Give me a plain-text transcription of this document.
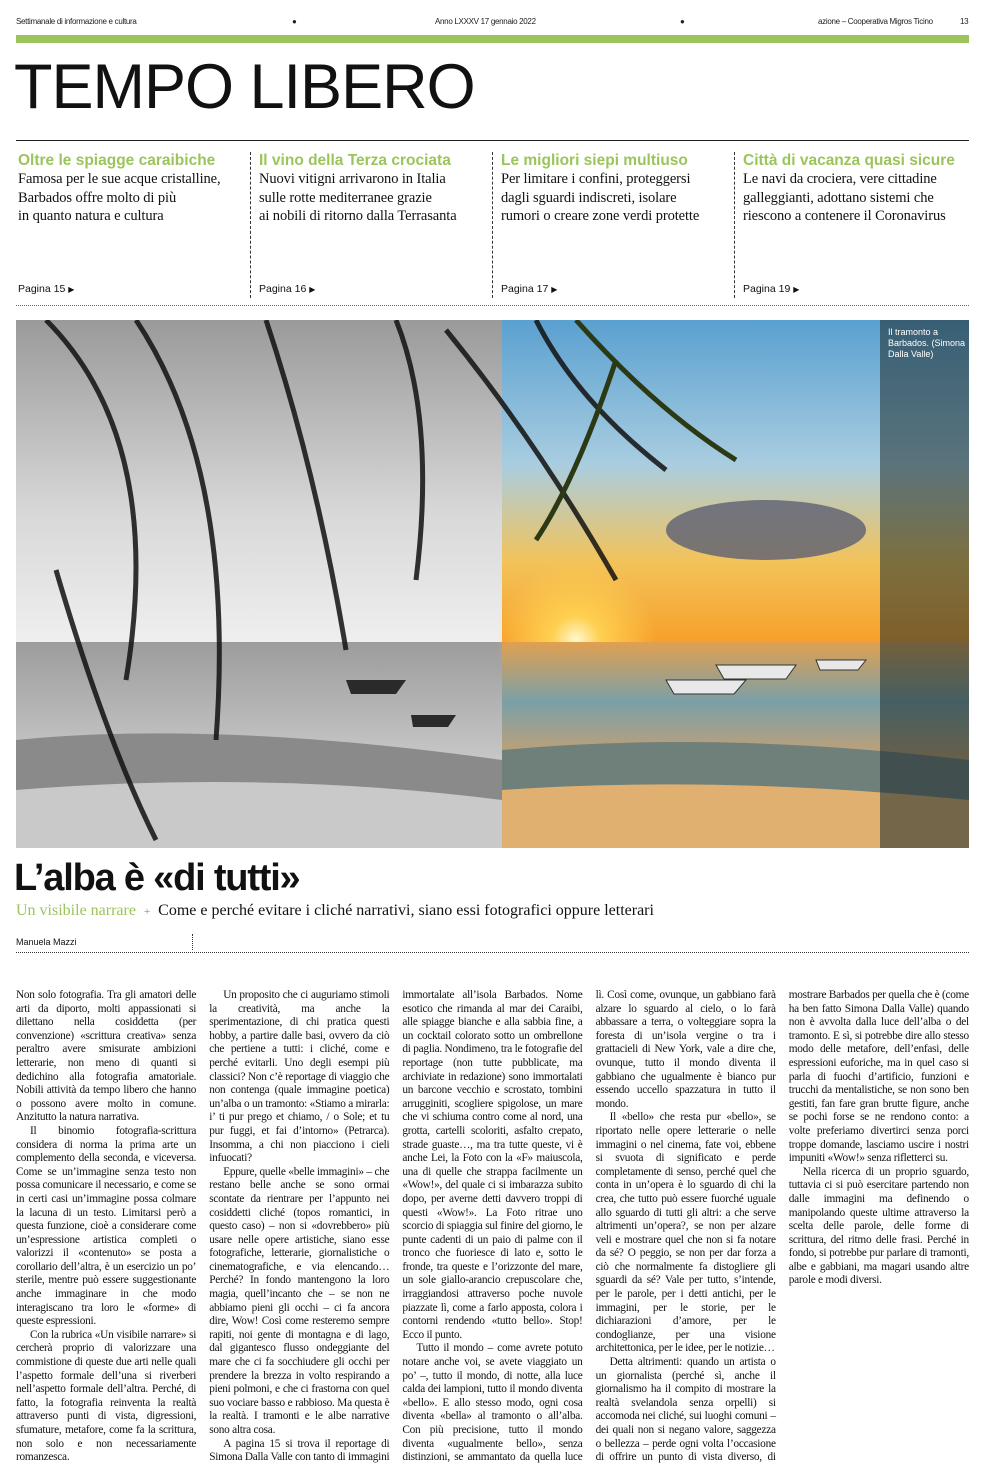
Settimanale di informazione e cultura	●	Anno LXXXV 17 gennaio 2022	●	azione – Cooperativa Migros Ticino	13
TEMPO LIBERO
Oltre le spiagge caraibiche
Famosa per le sue acque cristalline,
Barbados offre molto di più
in quanto natura e cultura
Pagina 15 ▶
Il vino della Terza crociata
Nuovi vitigni arrivarono in Italia
sulle rotte mediterranee grazie
ai nobili di ritorno dalla Terrasanta
Pagina 16 ▶
Le migliori siepi multiuso
Per limitare i confini, proteggersi
dagli sguardi indiscreti, isolare
rumori o creare zone verdi protette
Pagina 17 ▶
Città di vacanza quasi sicure
Le navi da crociera, vere cittadine
galleggianti, adottano sistemi che
riescono a contenere il Coronavirus
Pagina 19 ▶
Il tramonto a Barbados. (Simona Dalla Valle)
L’alba è «di tutti»
Un visibile narrare + Come e perché evitare i cliché narrativi, siano essi fotografici oppure letterari
Manuela Mazzi

Non solo fotografia. Tra gli amatori delle arti da diporto, molti appassionati si dilettano nella cosiddetta (per convenzione) «scrittura creativa» senza peraltro avere smisurate ambizioni letterarie, non meno di quanti si dedichino alla fotografia amatoriale. Nobili attività da tempo libero che hanno o possono avere molto in comune. Anzitutto la natura narrativa.

Il binomio fotografia-scrittura considera di norma la prima arte un complemento della seconda, e viceversa. Come se un’immagine senza testo non possa comunicare il necessario, e come se in certi casi un’immagine possa colmare la lacuna di un testo. Limitarsi però a questa funzione, cioè a considerare come un’espressione artistica completi o valorizzi il «contenuto» se posta a corollario dell’altra, è un esercizio un po’ sterile, mentre può essere suggestionante anche immaginare in che modo interagiscano tra loro le «forme» di queste espressioni.

Con la rubrica «Un visibile narrare» si cercherà proprio di valorizzare una commistione di queste due arti nelle quali l’aspetto formale dell’una si riverberi nell’aspetto formale dell’altra. Perché, di fatto, la fotografia reinventa la realtà attraverso punti di vista, digressioni, sfumature, metafore, come fa la scrittura, non solo e non necessariamente romanzesca.

Un proposito che ci auguriamo stimoli la creatività, ma anche la sperimentazione, di chi pratica questi hobby, a partire dalle basi, ovvero da ciò che pertiene a tutti: i cliché, come e perché evitarli. Uno degli esempi più classici? Non c’è reportage di viaggio che non contenga (quale immagine poetica) un’alba o un tramonto: «Stiamo a mirarla: i’ ti pur prego et chiamo, / o Sole; et tu pur fuggi, et fai d’intorno» (Petrarca). Insomma, a chi non piacciono i cieli infuocati?

Eppure, quelle «belle immagini» – che restano belle anche se sono ormai scontate da rientrare per l’appunto nei cosiddetti cliché (topos romantici, in questo caso) – non si «dovrebbero» più usare nelle opere artistiche, siano esse fotografiche, letterarie, giornalistiche o cinematografiche, e via elencando… Perché? In fondo mantengono la loro magia, quell’incanto che – se non ne abbiamo pieni gli occhi – ci fa ancora dire, Wow! Così come resteremo sempre rapiti, noi gente di montagna e di lago, dal gigantesco flusso ondeggiante del mare che ci fa socchiudere gli occhi per prendere la brezza in volto respirando a pieni polmoni, e che ci frastorna con quel suo vociare basso e rabbioso. Ma questa è la realtà. I tramonti e le albe narrative sono altra cosa.

A pagina 15 si trova il reportage di Simona Dalla Valle con tanto di immagini immortalate all’isola Barbados. Nome esotico che rimanda al mar dei Caraibi, alle spiagge bianche e alla sabbia fine, a un cocktail colorato sotto un ombrellone di paglia. Nondimeno, tra le fotografie del reportage (non tutte pubblicate, ma archiviate in redazione) sono immortalati un barcone vecchio e scrostato, tombini arrugginiti, scogliere spigolose, un mare che vi schiuma contro come al nord, una grotta, cartelli scoloriti, asfalto crepato, strade guaste…, ma tra tutte queste, vi è anche Lei, la Foto con la «F» maiuscola, una di quelle che strappa facilmente un «Wow!», del quale ci si imbarazza subito dopo, per averne detti davvero troppi di questi «Wow!». La Foto ritrae uno scorcio di spiaggia sul finire del giorno, le punte cadenti di un paio di palme con il tronco che fuoriesce di lato e, sotto le fronde, tra queste e l’orizzonte del mare, un sole giallo-arancio crepuscolare che, irraggiandosi attraverso poche nuvole piazzate lì, come a farlo apposta, colora i contorni rendendo «tutto bello». Stop! Ecco il punto.

Tutto il mondo – come avrete potuto notare anche voi, se avete viaggiato un po’ –, tutto il mondo, di notte, alla luce calda dei lampioni, tutto il mondo diventa «bello». E allo stesso modo, ogni cosa diventa «bella» al tramonto o all’alba. Con più precisione, tutto il mondo diventa «ugualmente bello», senza distinzioni, se ammantato da quella luce lì. Così come, ovunque, un gabbiano farà alzare lo sguardo al cielo, o lo farà abbassare a terra, o volteggiare sopra la foresta di un’isola vergine o tra i grattacieli di New York, vale a dire che, ovunque, tutto il mondo diventa il gabbiano che ugualmente è bianco pur essendo uccello spazzatura in tutto il mondo.

Il «bello» che resta pur «bello», se riportato nelle opere letterarie o nelle immagini o nel cinema, fate voi, ebbene si svuota di significato e perde completamente di senso, perché quel che conta in un’opera è lo sguardo di chi la crea, che tutto può essere fuorché uguale allo sguardo di tutti gli altri: a che serve altrimenti un’opera?, se non per alzare veli e mostrare quel che non si fa notare da sé? O peggio, se non per dar forza a ciò che normalmente fa distogliere gli sguardi da sé? Vale per tutto, s’intende, per le parole, per i detti antichi, per le immagini, per le storie, per le dichiarazioni d’amore, per le condoglianze, per una visione architettonica, per le idee, per le notizie…

Detta altrimenti: quando un artista o un giornalista (perché sì, anche il giornalismo ha il compito di mostrare la realtà svelandola senza orpelli) si accomoda nei cliché, sui luoghi comuni – dei quali non si negano valore, saggezza o bellezza – perde ogni volta l’occasione di offrire un punto di vista diverso, di mostrare Barbados per quella che è (come ha ben fatto Simona Dalla Valle) quando non è avvolta dalla luce dell’alba o del tramonto. E sì, si potrebbe dire allo stesso modo delle metafore, dell’enfasi, delle espressioni euforiche, ma in quel caso si parla di fuochi d’artificio, funzioni e trucchi da mentalistiche, se non sono ben gestiti, fan fare gran brutte figure, anche se pochi forse se ne rendono conto: a volte preferiamo divertirci senza porci troppe domande, lasciamo uscire i nostri impuniti «Wow!» senza rifletterci su.

Nella ricerca di un proprio sguardo, tuttavia ci si può esercitare partendo non dalle immagini ma definendo o manipolando queste ultime attraverso la scelta delle parole, delle forme di scrittura, del ritmo delle frasi. Perché in fondo, si potrebbe pur parlare di tramonti, albe e gabbiani, ma magari usando altre parole e modi diversi.
